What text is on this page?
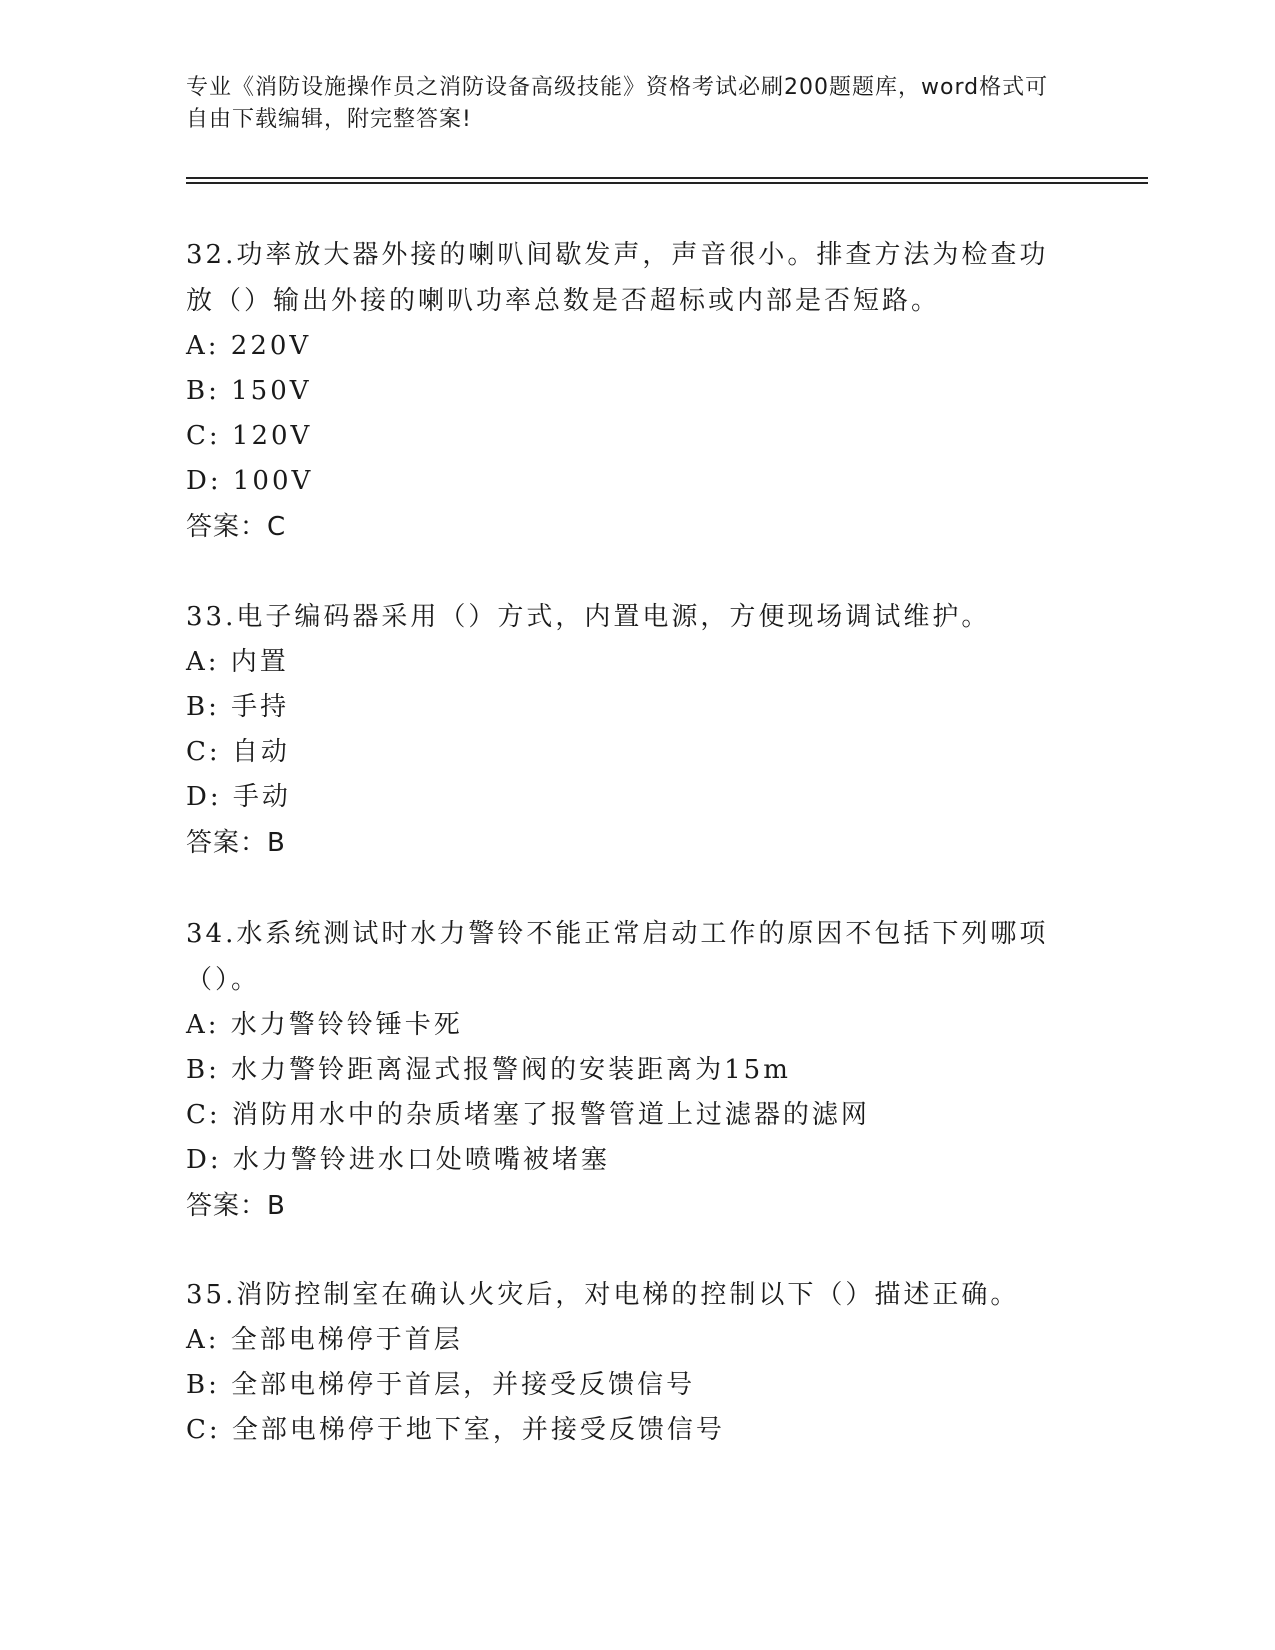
专业《消防设施操作员之消防设备高级技能》资格考试必刷200题题库，word格式可自由下载编辑，附完整答案!

32.功率放大器外接的喇叭间歇发声，声音很小。排查方法为检查功放（）输出外接的喇叭功率总数是否超标或内部是否短路。

A: 220V

B: 150V

C: 120V

D: 100V

答案：C

33.电子编码器采用（）方式，内置电源，方便现场调试维护。

A: 内置

B: 手持

C: 自动

D: 手动

答案：B

34.水系统测试时水力警铃不能正常启动工作的原因不包括下列哪项（）。

A: 水力警铃铃锤卡死

B: 水力警铃距离湿式报警阀的安装距离为15m

C: 消防用水中的杂质堵塞了报警管道上过滤器的滤网

D: 水力警铃进水口处喷嘴被堵塞

答案：B

35.消防控制室在确认火灾后，对电梯的控制以下（）描述正确。

A: 全部电梯停于首层

B: 全部电梯停于首层，并接受反馈信号

C: 全部电梯停于地下室，并接受反馈信号
